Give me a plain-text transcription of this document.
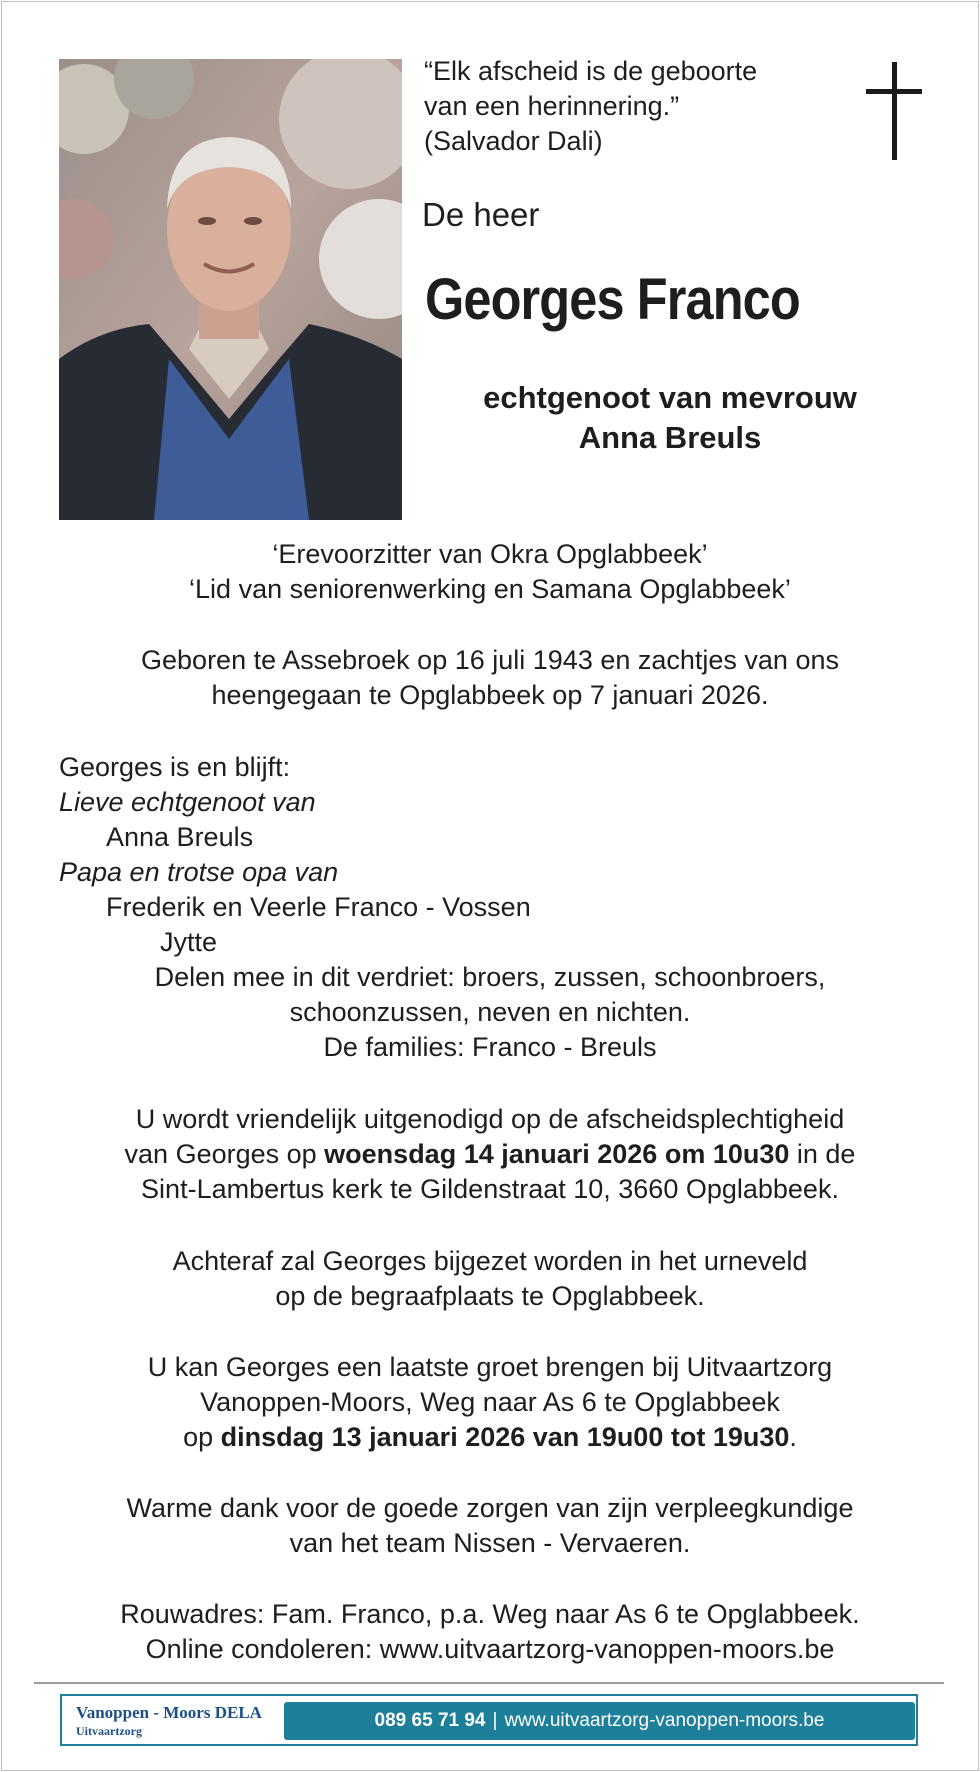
“Elk afscheid is de geboorte
van een herinnering.”
(Salvador Dali)
De heer
Georges Franco
echtgenoot van mevrouw
Anna Breuls
‘Erevoorzitter van Okra Opglabbeek’
‘Lid van seniorenwerking en Samana Opglabbeek’
Geboren te Assebroek op 16 juli 1943 en zachtjes van ons
heengegaan te Opglabbeek op 7 januari 2026.
Georges is en blijft:
Lieve echtgenoot van
Anna Breuls
Papa en trotse opa van
Frederik en Veerle Franco - Vossen
Jytte
Delen mee in dit verdriet: broers, zussen, schoonbroers,
schoonzussen, neven en nichten.
De families: Franco - Breuls
U wordt vriendelijk uitgenodigd op de afscheidsplechtigheid
van Georges op woensdag 14 januari 2026 om 10u30 in de
Sint-Lambertus kerk te Gildenstraat 10, 3660 Opglabbeek.
Achteraf zal Georges bijgezet worden in het urneveld
op de begraafplaats te Opglabbeek.
U kan Georges een laatste groet brengen bij Uitvaartzorg
Vanoppen-Moors, Weg naar As 6 te Opglabbeek
op dinsdag 13 januari 2026 van 19u00 tot 19u30.
Warme dank voor de goede zorgen van zijn verpleegkundige
van het team Nissen - Vervaeren.
Rouwadres: Fam. Franco, p.a. Weg naar As 6 te Opglabbeek.
Online condoleren: www.uitvaartzorg-vanoppen-moors.be
Vanoppen - Moors DELA
Uitvaartzorg	089 65 71 94 | www.uitvaartzorg-vanoppen-moors.be
